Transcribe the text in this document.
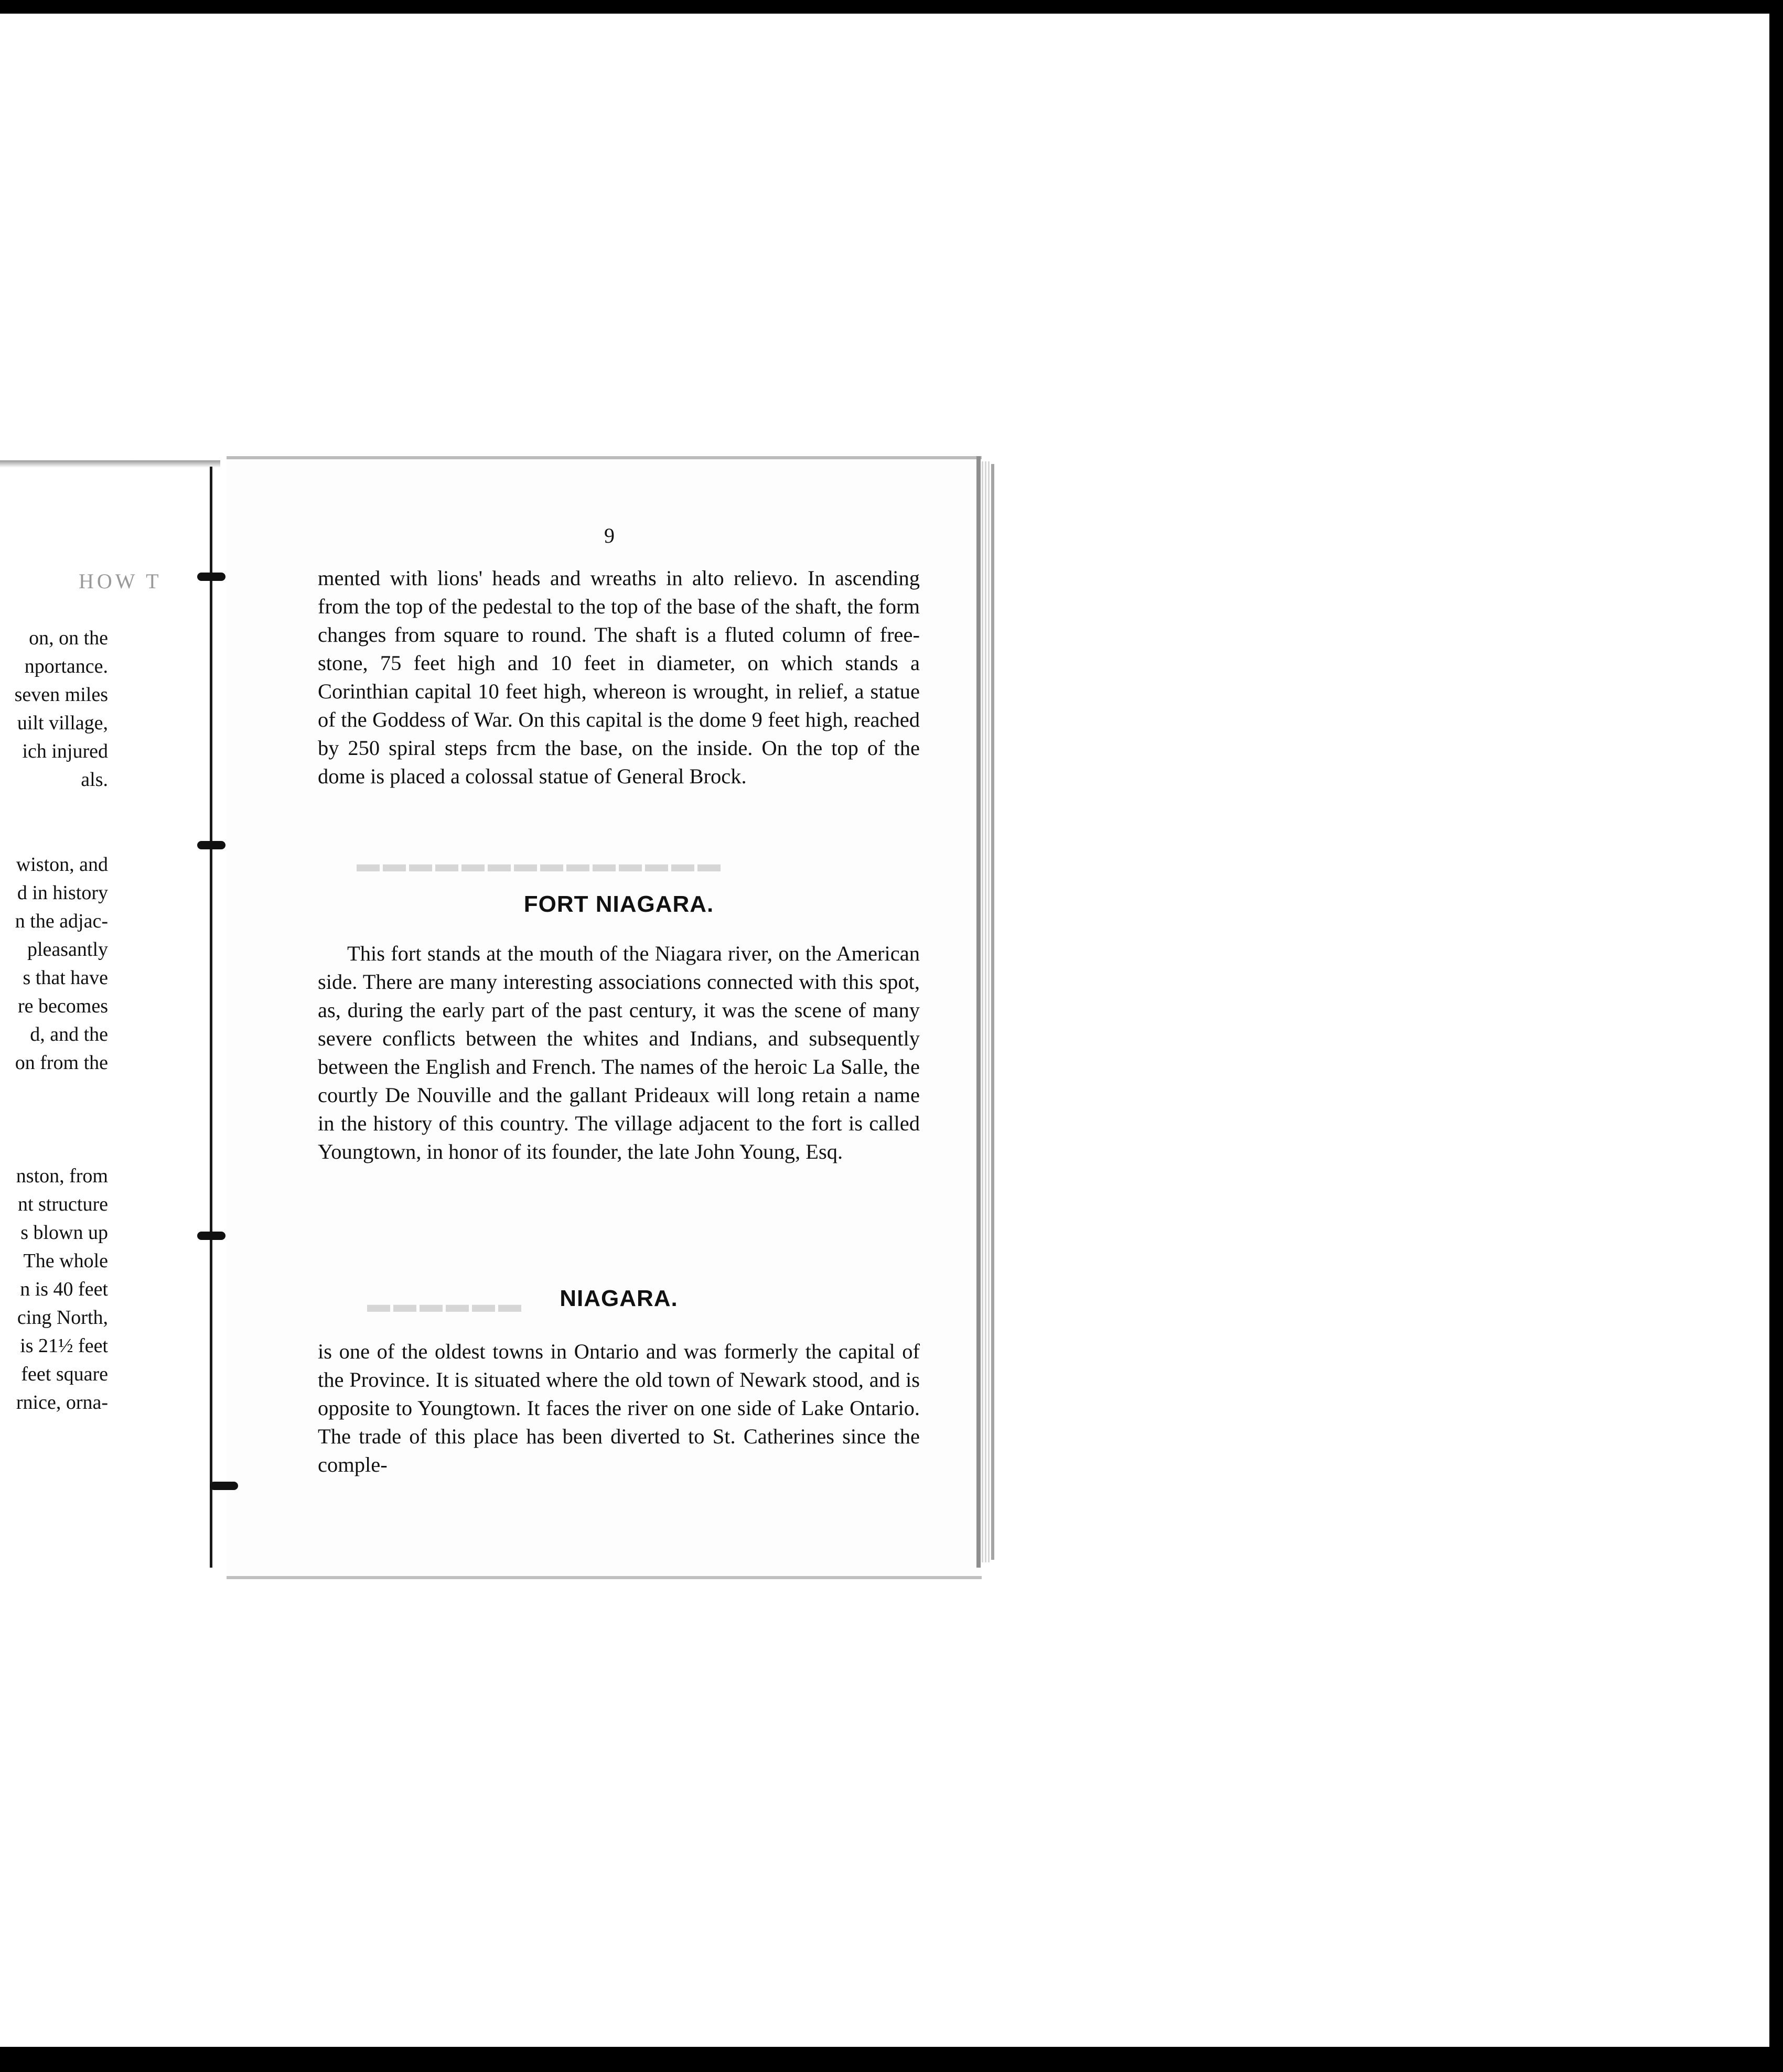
HOW T
on, on the
nportance.
seven miles
uilt village,
ich injured
als.
wiston, and
d in history
n the adjac-
pleasantly
s that have
re becomes
d, and the
on from the
nston, from
nt structure
s blown up
The whole
n is 40 feet
cing North,
is 21½ feet
feet square
rnice, orna-
▬▬▬▬▬▬▬▬▬▬▬▬▬▬
▬▬▬▬▬▬
9

mented with lions' heads and wreaths in alto relievo. In ascending from the top of the pedestal to the top of the base of the shaft, the form changes from square to round. The shaft is a fluted column of free-stone, 75 feet high and 10 feet in diameter, on which stands a Corinthian capital 10 feet high, whereon is wrought, in relief, a statue of the Goddess of War. On this capital is the dome 9 feet high, reached by 250 spiral steps frcm the base, on the inside. On the top of the dome is placed a colossal statue of General Brock.

FORT NIAGARA.

This fort stands at the mouth of the Niagara river, on the American side. There are many interesting associations connected with this spot, as, during the early part of the past century, it was the scene of many severe conflicts between the whites and Indians, and subsequently between the English and French. The names of the heroic La Salle, the courtly De Nouville and the gallant Prideaux will long retain a name in the history of this country. The village adjacent to the fort is called Youngtown, in honor of its founder, the late John Young, Esq.

NIAGARA.

is one of the oldest towns in Ontario and was formerly the capital of the Province. It is situated where the old town of Newark stood, and is opposite to Youngtown. It faces the river on one side of Lake Ontario. The trade of this place has been diverted to St. Catherines since the comple-
